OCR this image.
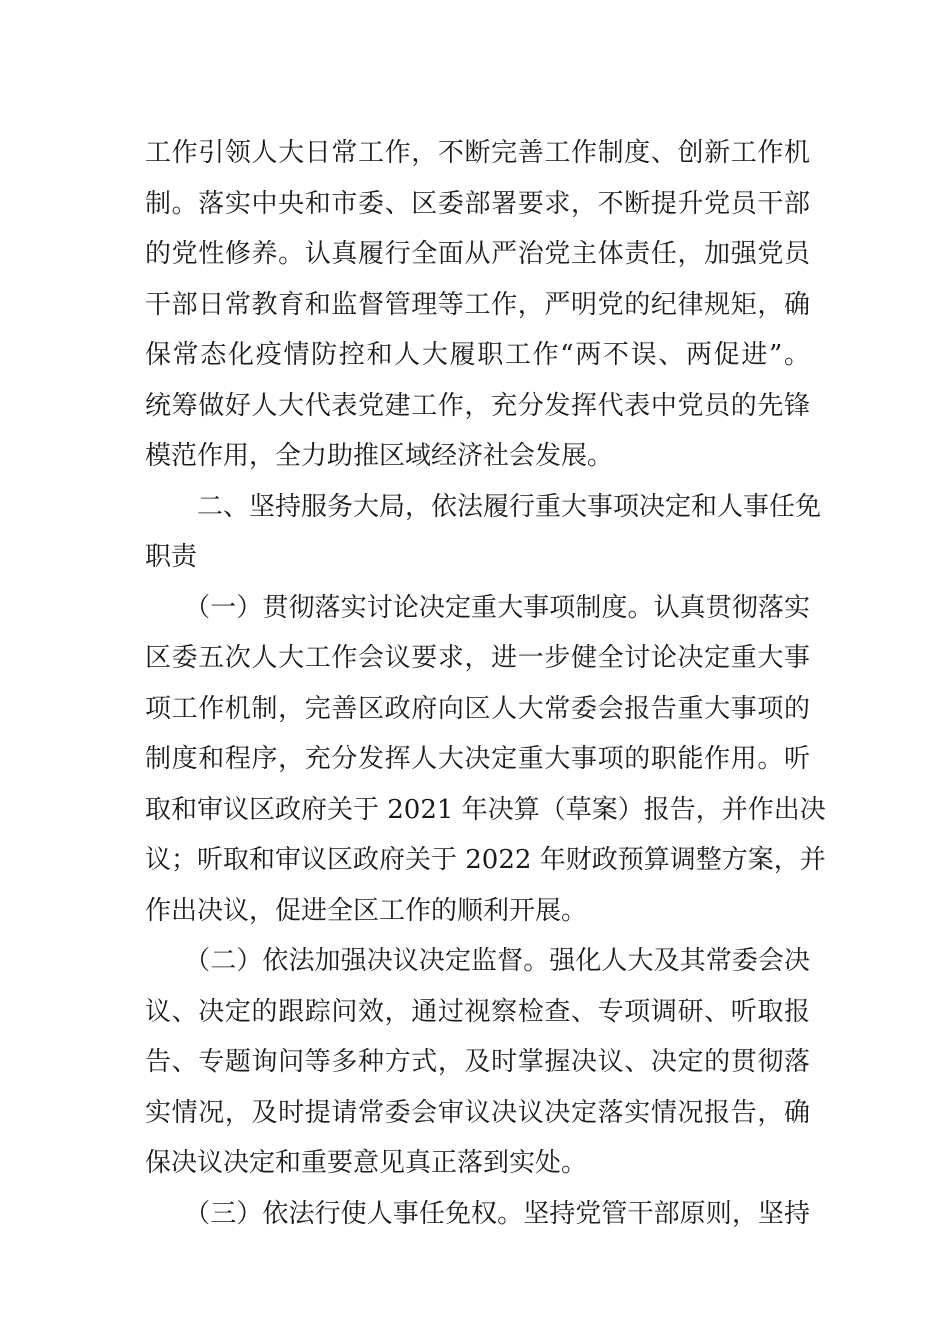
工作引领人大日常工作，不断完善工作制度、创新工作机
制。落实中央和市委、区委部署要求，不断提升党员干部
的党性修养。认真履行全面从严治党主体责任，加强党员
干部日常教育和监督管理等工作，严明党的纪律规矩，确
保常态化疫情防控和人大履职工作“两不误、两促进”。
统筹做好人大代表党建工作，充分发挥代表中党员的先锋
模范作用，全力助推区域经济社会发展。
　　二、坚持服务大局，依法履行重大事项决定和人事任免
职责
　　（一）贯彻落实讨论决定重大事项制度。认真贯彻落实
区委五次人大工作会议要求，进一步健全讨论决定重大事
项工作机制，完善区政府向区人大常委会报告重大事项的
制度和程序，充分发挥人大决定重大事项的职能作用。听
取和审议区政府关于 2021 年决算（草案）报告，并作出决
议；听取和审议区政府关于 2022 年财政预算调整方案，并
作出决议，促进全区工作的顺利开展。
　　（二）依法加强决议决定监督。强化人大及其常委会决
议、决定的跟踪问效，通过视察检查、专项调研、听取报
告、专题询问等多种方式，及时掌握决议、决定的贯彻落
实情况，及时提请常委会审议决议决定落实情况报告，确
保决议决定和重要意见真正落到实处。
　　（三）依法行使人事任免权。坚持党管干部原则，坚持
